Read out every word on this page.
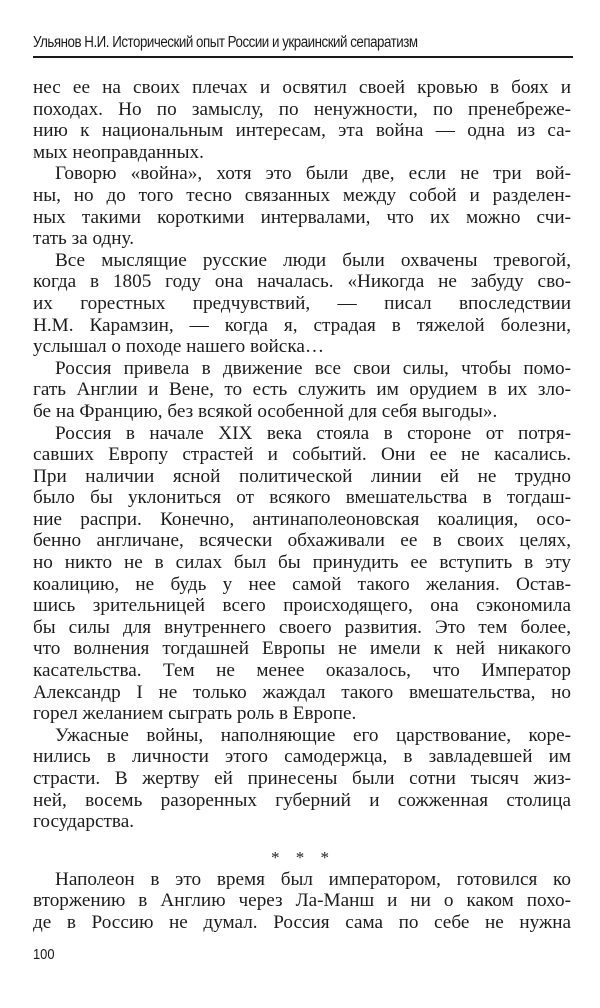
Ульянов Н.И. Исторический опыт России и украинский сепаратизм
нес ее на своих плечах и освятил своей кровью в боях и
походах. Но по замыслу, по ненужности, по пренебреже-
нию к национальным интересам, эта война — одна из са-
мых неоправданных.
Говорю «война», хотя это были две, если не три вой-
ны, но до того тесно связанных между собой и разделен-
ных такими короткими интервалами, что их можно счи-
тать за одну.
Все мыслящие русские люди были охвачены тревогой,
когда в 1805 году она началась. «Никогда не забуду сво-
их горестных предчувствий, — писал впоследствии
Н.М. Карамзин, — когда я, страдая в тяжелой болезни,
услышал о походе нашего войска…
Россия привела в движение все свои силы, чтобы помо-
гать Англии и Вене, то есть служить им орудием в их зло-
бе на Францию, без всякой особенной для себя выгоды».
Россия в начале XIX века стояла в стороне от потря-
савших Европу страстей и событий. Они ее не касались.
При наличии ясной политической линии ей не трудно
было бы уклониться от всякого вмешательства в тогдаш-
ние распри. Конечно, антинаполеоновская коалиция, осо-
бенно англичане, всячески обхаживали ее в своих целях,
но никто не в силах был бы принудить ее вступить в эту
коалицию, не будь у нее самой такого желания. Остав-
шись зрительницей всего происходящего, она сэкономила
бы силы для внутреннего своего развития. Это тем более,
что волнения тогдашней Европы не имели к ней никакого
касательства. Тем не менее оказалось, что Император
Александр I не только жаждал такого вмешательства, но
горел желанием сыграть роль в Европе.
Ужасные войны, наполняющие его царствование, коре-
нились в личности этого самодержца, в завладевшей им
страсти. В жертву ей принесены были сотни тысяч жиз-
ней, восемь разоренных губерний и сожженная столица
государства.
* * *
Наполеон в это время был императором, готовился ко
вторжению в Англию через Ла-Манш и ни о каком похо-
де в Россию не думал. Россия сама по себе не нужна
100
